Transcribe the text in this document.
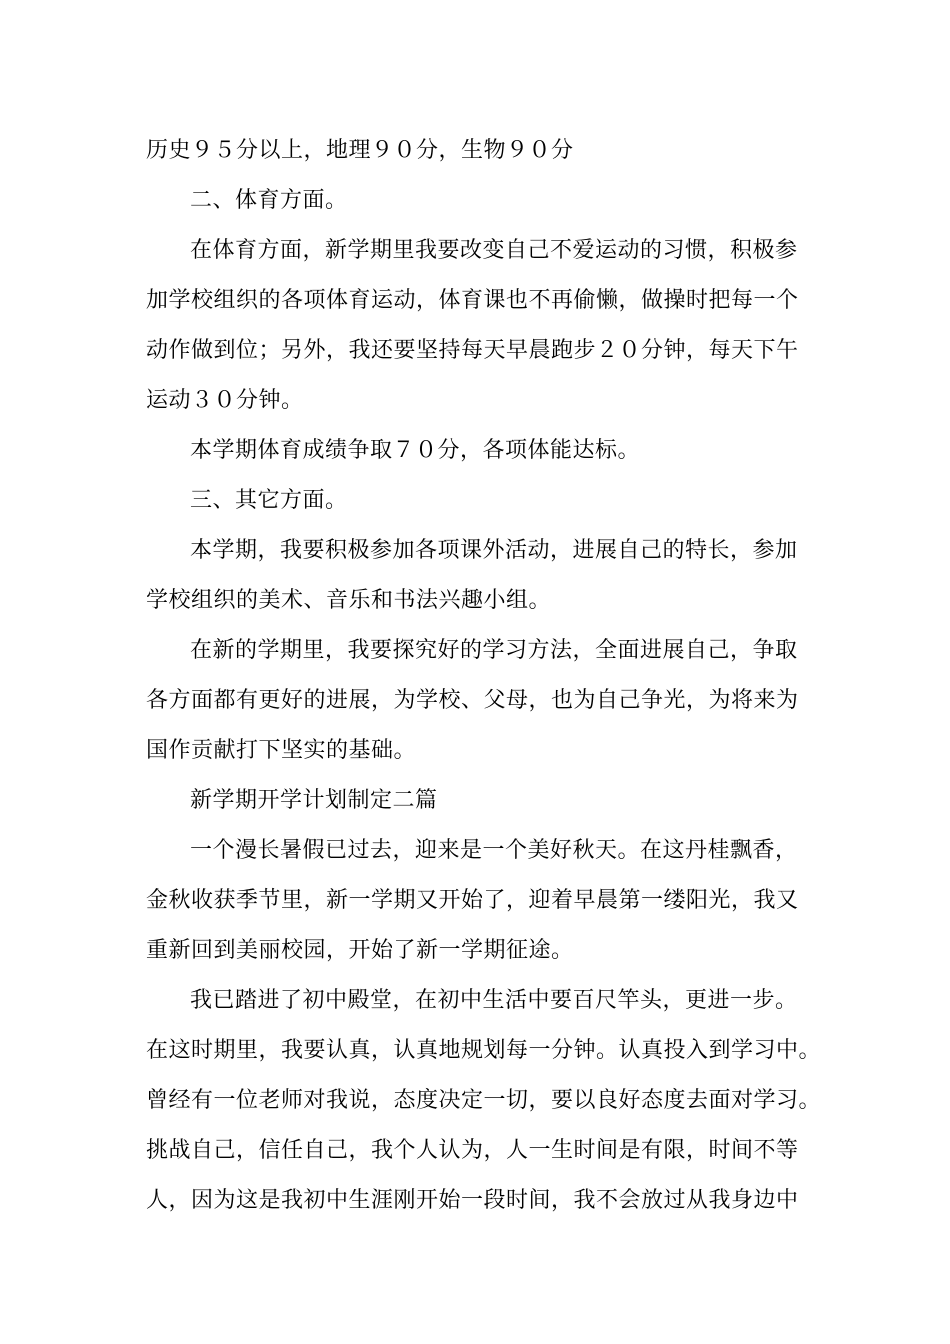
历史９５分以上，地理９０分，生物９０分
二、体育方面。
在体育方面，新学期里我要改变自己不爱运动的习惯，积极参
加学校组织的各项体育运动，体育课也不再偷懒，做操时把每一个
动作做到位；另外，我还要坚持每天早晨跑步２０分钟，每天下午
运动３０分钟。
本学期体育成绩争取７０分，各项体能达标。
三、其它方面。
本学期，我要积极参加各项课外活动，进展自己的特长，参加
学校组织的美术、音乐和书法兴趣小组。
在新的学期里，我要探究好的学习方法，全面进展自己，争取
各方面都有更好的进展，为学校、父母，也为自己争光，为将来为
国作贡献打下坚实的基础。
新学期开学计划制定二篇
一个漫长暑假已过去，迎来是一个美好秋天。在这丹桂飘香，
金秋收获季节里，新一学期又开始了，迎着早晨第一缕阳光，我又
重新回到美丽校园，开始了新一学期征途。
我已踏进了初中殿堂，在初中生活中要百尺竿头，更进一步。
在这时期里，我要认真，认真地规划每一分钟。认真投入到学习中。
曾经有一位老师对我说，态度决定一切，要以良好态度去面对学习。
挑战自己，信任自己，我个人认为，人一生时间是有限，时间不等
人，因为这是我初中生涯刚开始一段时间，我不会放过从我身边中
